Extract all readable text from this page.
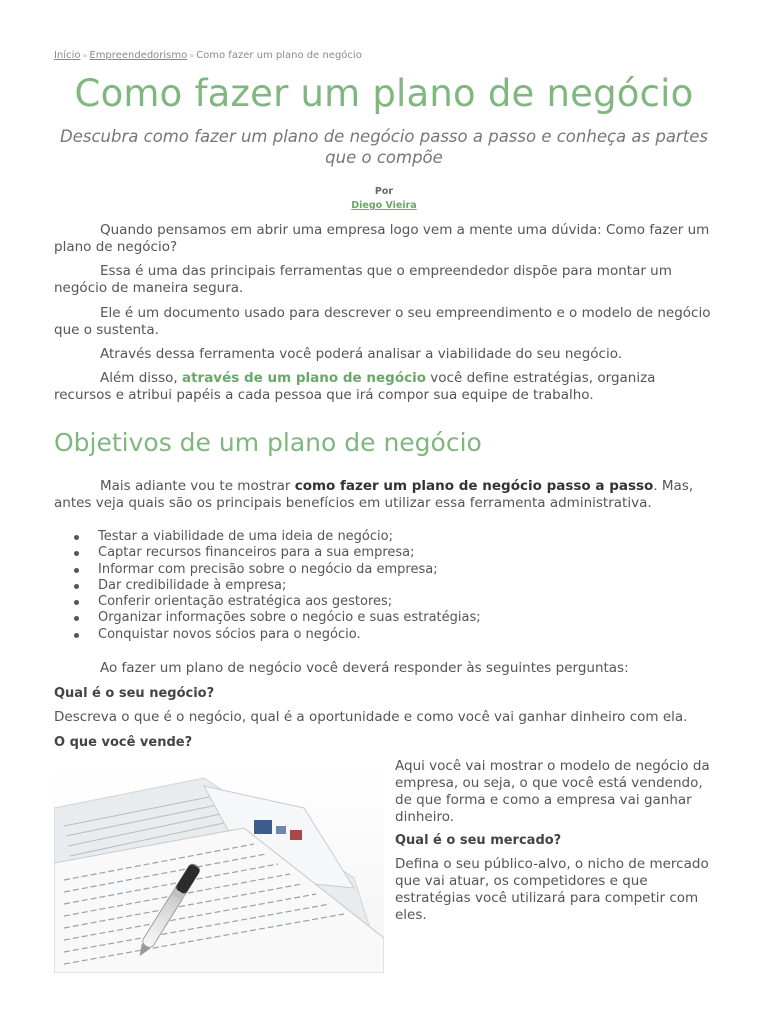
Início » Empreendedorismo » Como fazer um plano de negócio
Como fazer um plano de negócio
Descubra como fazer um plano de negócio passo a passo e conheça as partes que o compõe
Por
Diego Vieira

Quando pensamos em abrir uma empresa logo vem a mente uma dúvida: Como fazer um plano de negócio?

Essa é uma das principais ferramentas que o empreendedor dispõe para montar um negócio de maneira segura.

Ele é um documento usado para descrever o seu empreendimento e o modelo de negócio que o sustenta.

Através dessa ferramenta você poderá analisar a viabilidade do seu negócio.

Além disso, através de um plano de negócio você define estratégias, organiza recursos e atribui papéis a cada pessoa que irá compor sua equipe de trabalho.

Objetivos de um plano de negócio

Mais adiante vou te mostrar como fazer um plano de negócio passo a passo. Mas, antes veja quais são os principais benefícios em utilizar essa ferramenta administrativa.

Testar a viabilidade de uma ideia de negócio;
Captar recursos financeiros para a sua empresa;
Informar com precisão sobre o negócio da empresa;
Dar credibilidade à empresa;
Conferir orientação estratégica aos gestores;
Organizar informações sobre o negócio e suas estratégias;
Conquistar novos sócios para o negócio.

Ao fazer um plano de negócio você deverá responder às seguintes perguntas:

Qual é o seu negócio?

Descreva o que é o negócio, qual é a oportunidade e como você vai ganhar dinheiro com ela.

O que você vende?

Aqui você vai mostrar o modelo de negócio da empresa, ou seja, o que você está vendendo, de que forma e como a empresa vai ganhar dinheiro.

Qual é o seu mercado?

Defina o seu público-alvo, o nicho de mercado que vai atuar, os competidores e que estratégias você utilizará para competir com eles.
